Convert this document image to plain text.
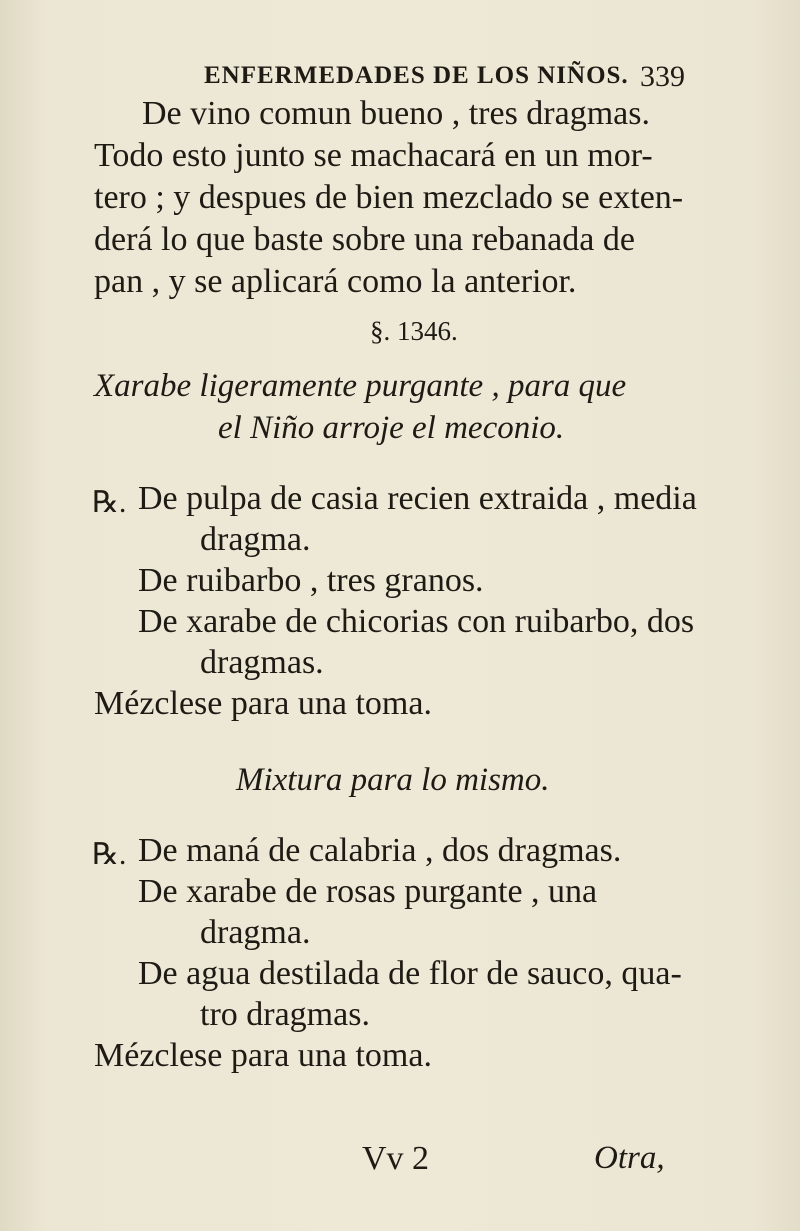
ENFERMEDADES DE LOS NIÑOS. 339
De vino comun bueno , tres dragmas.
Todo esto junto se machacará en un mor-
tero ; y despues de bien mezclado se exten-
derá lo que baste sobre una rebanada de
pan , y se aplicará como la anterior.
§. 1346.
Xarabe ligeramente purgante , para que
el Niño arroje el meconio.
℞. De pulpa de casia recien extraida , media
dragma.
De ruibarbo , tres granos.
De xarabe de chicorias con ruibarbo, dos
dragmas.
Mézclese para una toma.
Mixtura para lo mismo.
℞. De maná de calabria , dos dragmas.
De xarabe de rosas purgante , una
dragma.
De agua destilada de flor de sauco, qua-
tro dragmas.
Mézclese para una toma.
Vv 2	Otra,
